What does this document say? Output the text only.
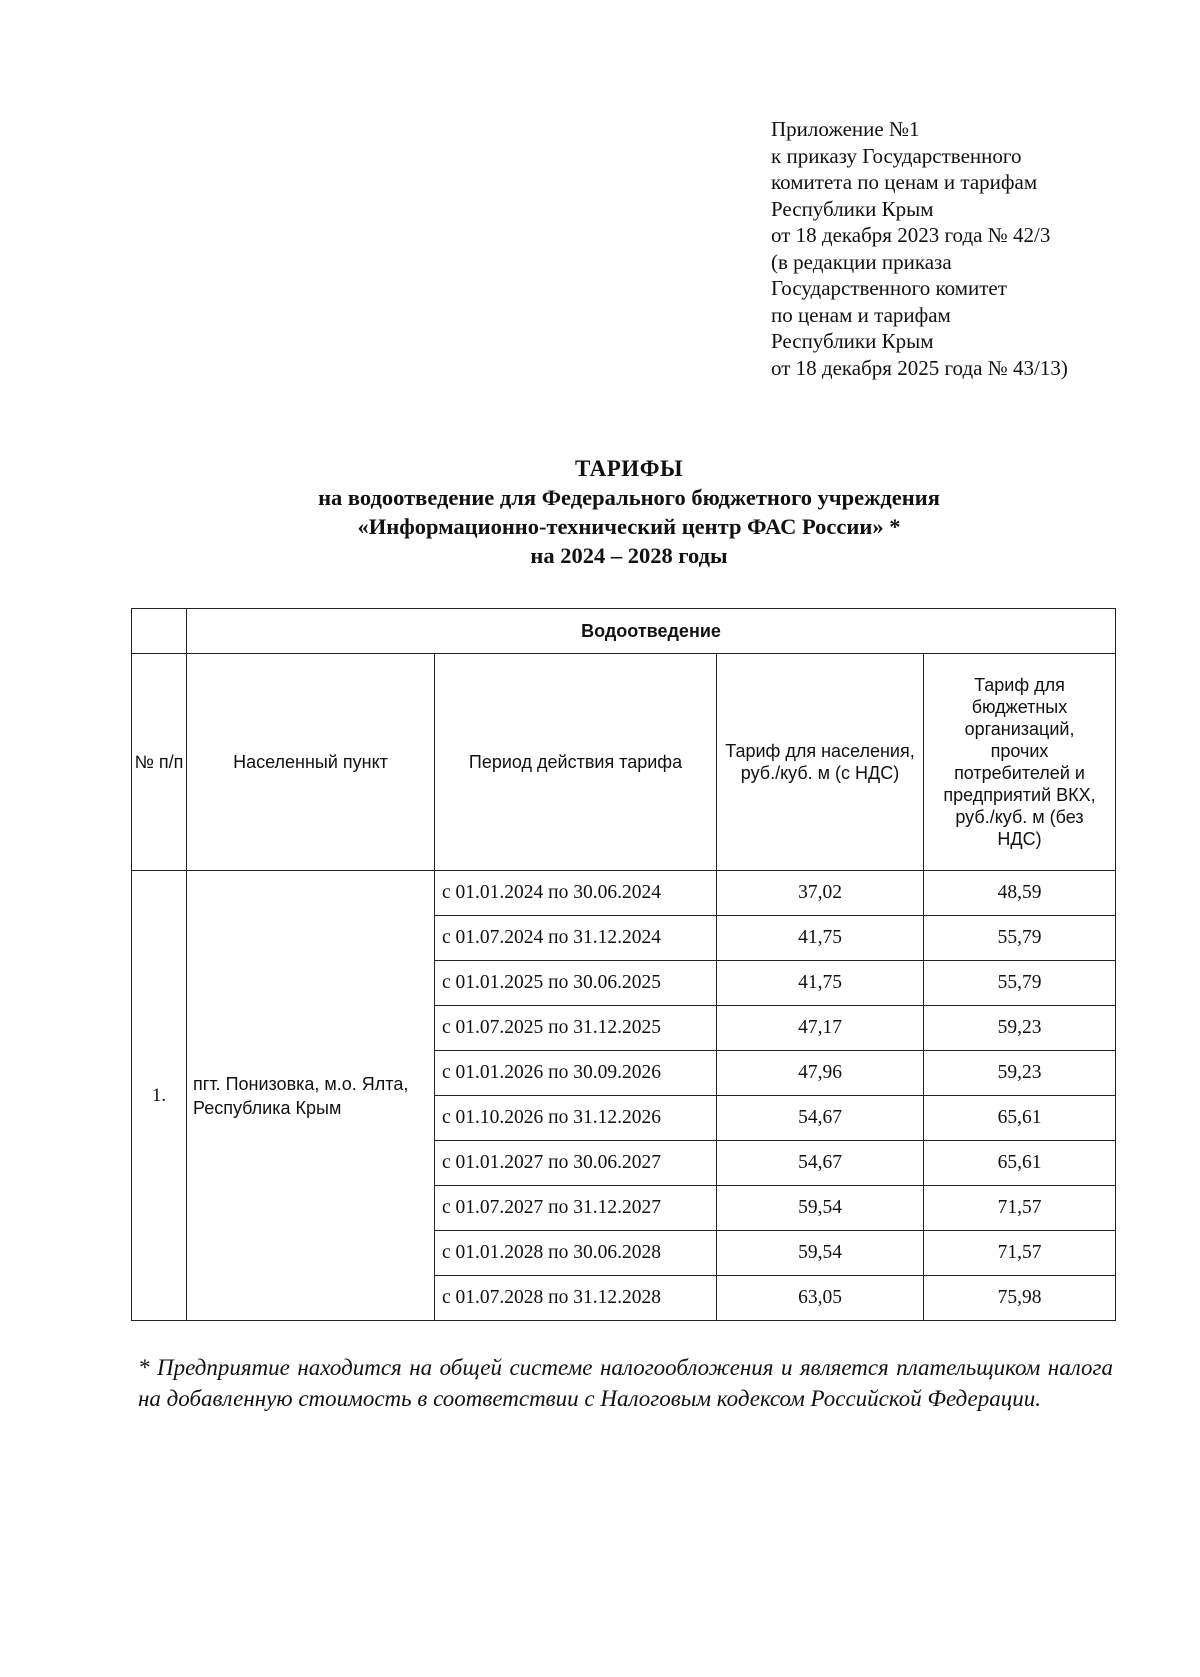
Приложение №1
к приказу Государственного
комитета по ценам и тарифам
Республики Крым
от 18 декабря 2023 года № 42/3
(в редакции приказа
Государственного комитет
по ценам и тарифам
Республики Крым
от 18 декабря 2025 года № 43/13)
ТАРИФЫ
на водоотведение для Федерального бюджетного учреждения
«Информационно-технический центр ФАС России» *
на 2024 – 2028 годы
	Водоотведение			
№ п/п	Населенный пункт	Период действия тарифа	Тариф для населения, руб./куб. м (с НДС)	Тариф для бюджетных организаций, прочих потребителей и предприятий ВКХ, руб./куб. м (без НДС)
1.	пгт. Понизовка, м.о. Ялта, Республика Крым	с 01.01.2024 по 30.06.2024	37,02	48,59
		с 01.07.2024 по 31.12.2024	41,75	55,79
		с 01.01.2025 по 30.06.2025	41,75	55,79
		с 01.07.2025 по 31.12.2025	47,17	59,23
		с 01.01.2026 по 30.09.2026	47,96	59,23
		с 01.10.2026 по 31.12.2026	54,67	65,61
		с 01.01.2027 по 30.06.2027	54,67	65,61
		с 01.07.2027 по 31.12.2027	59,54	71,57
		с 01.01.2028 по 30.06.2028	59,54	71,57
		с 01.07.2028 по 31.12.2028	63,05	75,98
* Предприятие находится на общей системе налогообложения и является плательщиком налога на добавленную стоимость в соответствии с Налоговым кодексом Российской Федерации.
